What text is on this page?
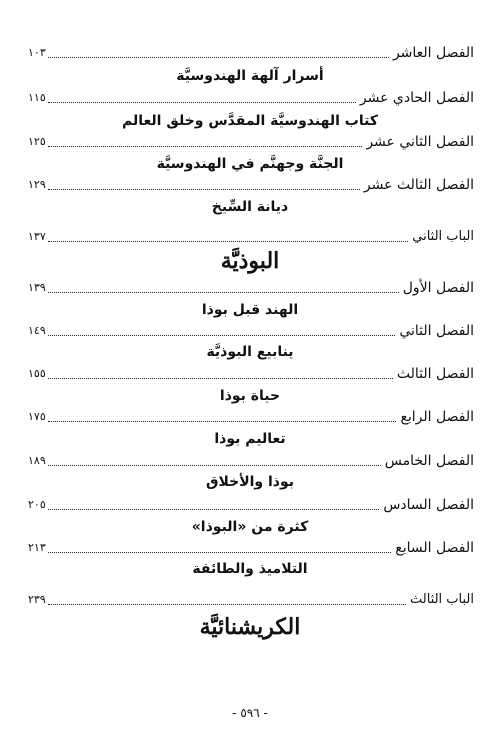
الفصل العاشر
١٠٣
أسرار آلهة الهندوسيَّة
الفصل الحادي عشر
١١٥
كتاب الهندوسيَّة المقدَّس وخلق العالم
الفصل الثاني عشر
١٢٥
الجنَّة وجهنَّم في الهندوسيَّة
الفصل الثالث عشر
١٢٩
ديانة السِّيخ
الباب الثاني
١٣٧
البوذيَّة
الفصل الأول
١٣٩
الهند قبل بوذا
الفصل الثاني
١٤٩
ينابيع البوذيَّة
الفصل الثالث
١٥٥
حياة بوذا
الفصل الرابع
١٧٥
تعاليم بوذا
الفصل الخامس
١٨٩
بوذا والأخلاق
الفصل السادس
٢٠٥
كثرة من «البوذا»
الفصل السابع
٢١٣
التلاميذ والطائفة
الباب الثالث
٢٣٩
الكريشنائيَّة
- ٥٩٦ -
